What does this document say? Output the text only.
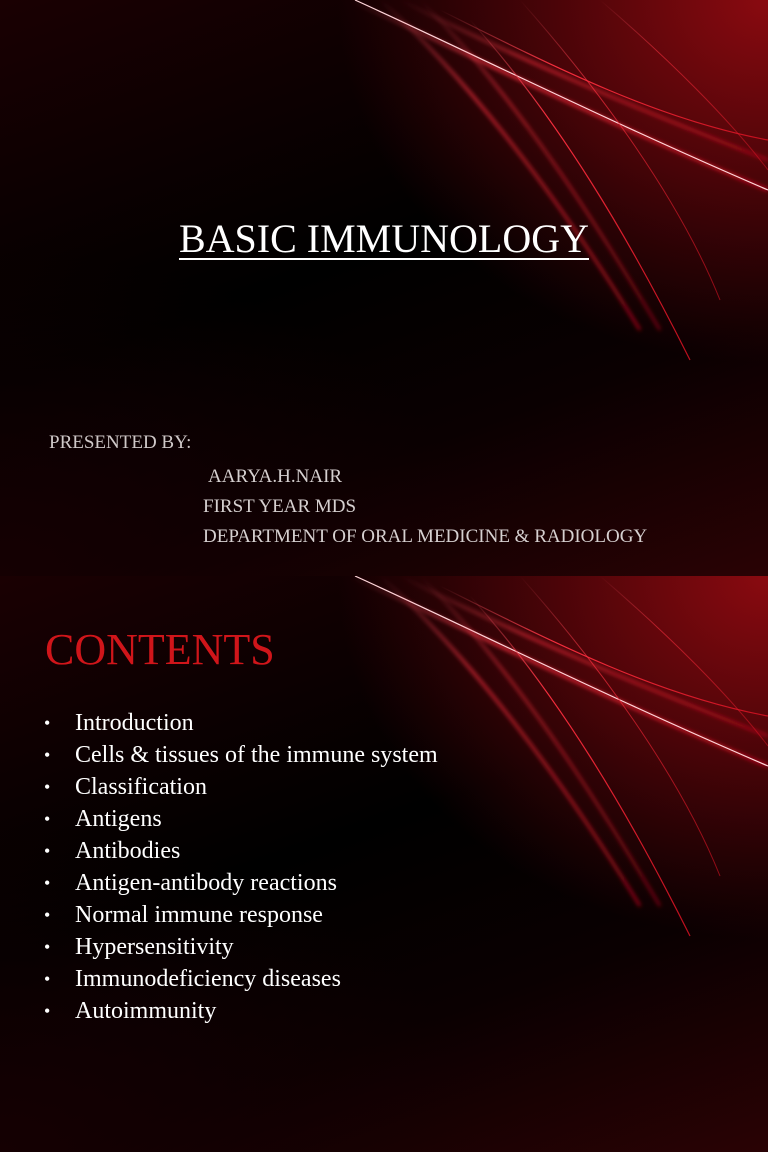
BASIC IMMUNOLOGY
PRESENTED BY:
AARYA.H.NAIR
FIRST YEAR MDS
DEPARTMENT OF ORAL MEDICINE & RADIOLOGY
CONTENTS
• Introduction
• Cells & tissues of the immune system
• Classification
• Antigens
• Antibodies
• Antigen-antibody reactions
• Normal immune response
• Hypersensitivity
• Immunodeficiency diseases
• Autoimmunity
